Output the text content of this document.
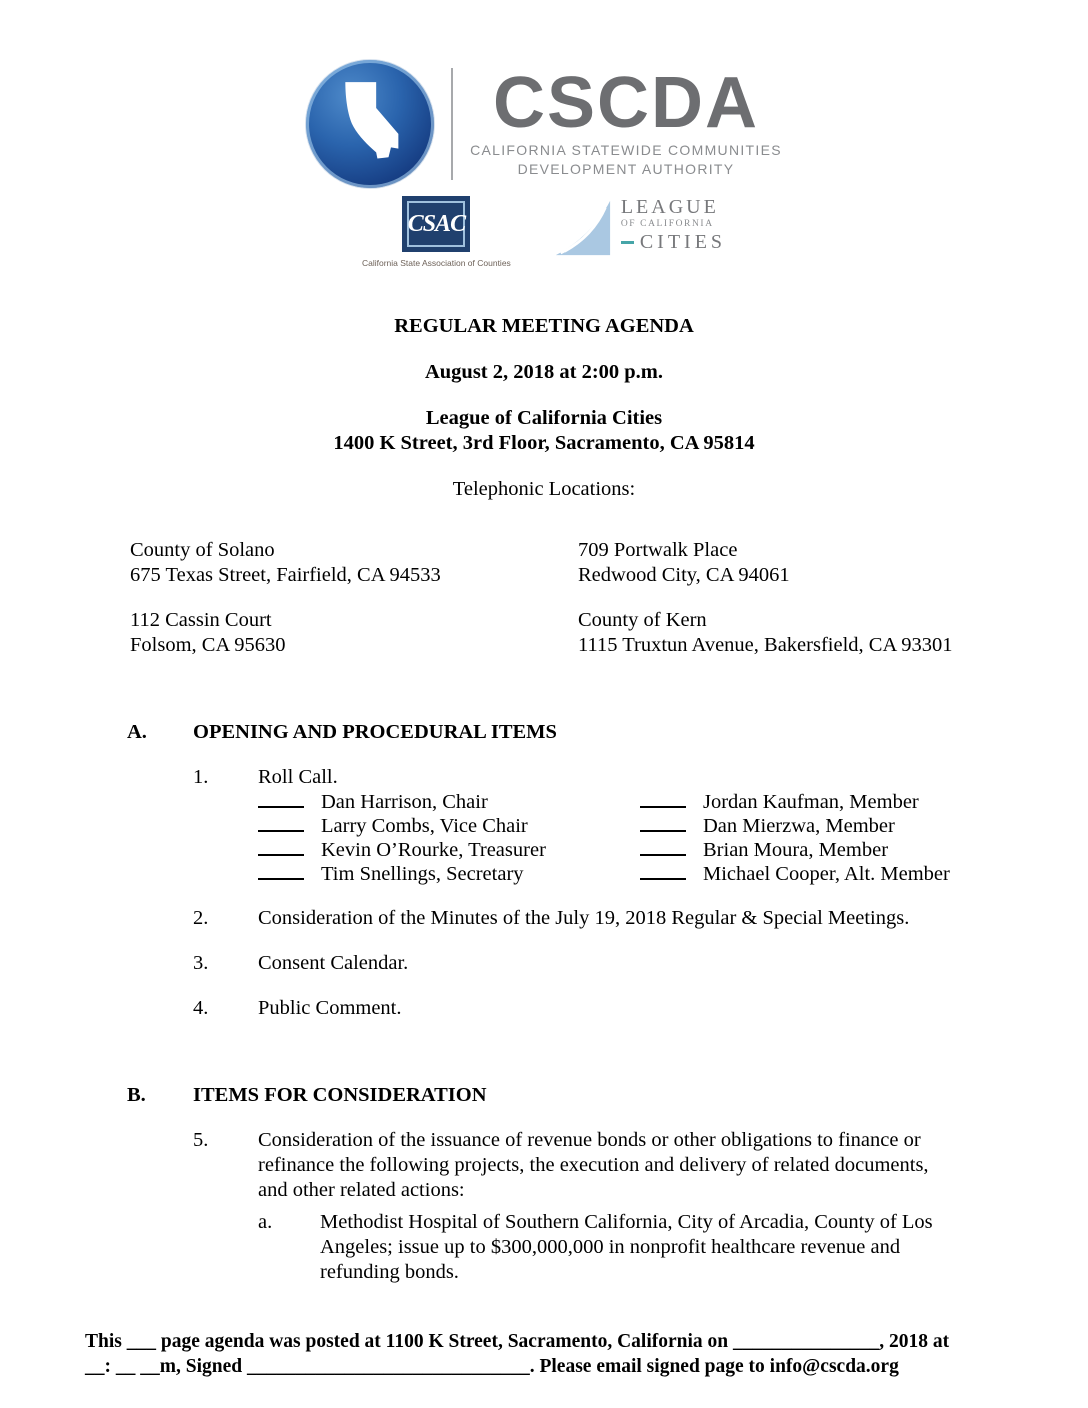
CSCDA
CALIFORNIA STATEWIDE COMMUNITIES
DEVELOPMENT AUTHORITY
CSAC
California State Association of Counties
LEAGUE
OF CALIFORNIA
CITIES
REGULAR MEETING AGENDA
August 2, 2018 at 2:00 p.m.
League of California Cities
1400 K Street, 3rd Floor, Sacramento, CA 95814
Telephonic Locations:
County of Solano
675 Texas Street, Fairfield, CA 94533
709 Portwalk Place
Redwood City, CA 94061
112 Cassin Court
Folsom, CA 95630
County of Kern
1115 Truxtun Avenue, Bakersfield, CA 93301
A.	OPENING AND PROCEDURAL ITEMS
1.	Roll Call.
Dan Harrison, Chair
Larry Combs, Vice Chair
Kevin O’Rourke, Treasurer
Tim Snellings, Secretary
Jordan Kaufman, Member
Dan Mierzwa, Member
Brian Moura, Member
Michael Cooper, Alt. Member
2.	Consideration of the Minutes of the July 19, 2018 Regular & Special Meetings.
3.	Consent Calendar.
4.	Public Comment.
B.	ITEMS FOR CONSIDERATION
5.	Consideration of the issuance of revenue bonds or other obligations to finance or refinance the following projects, the execution and delivery of related documents, and other related actions:
a.	Methodist Hospital of Southern California, City of Arcadia, County of Los Angeles; issue up to $300,000,000 in nonprofit healthcare revenue and refunding bonds.
This ___ page agenda was posted at 1100 K Street, Sacramento, California on _______________, 2018 at
__: __ __m, Signed _____________________________. Please email signed page to info@cscda.org
